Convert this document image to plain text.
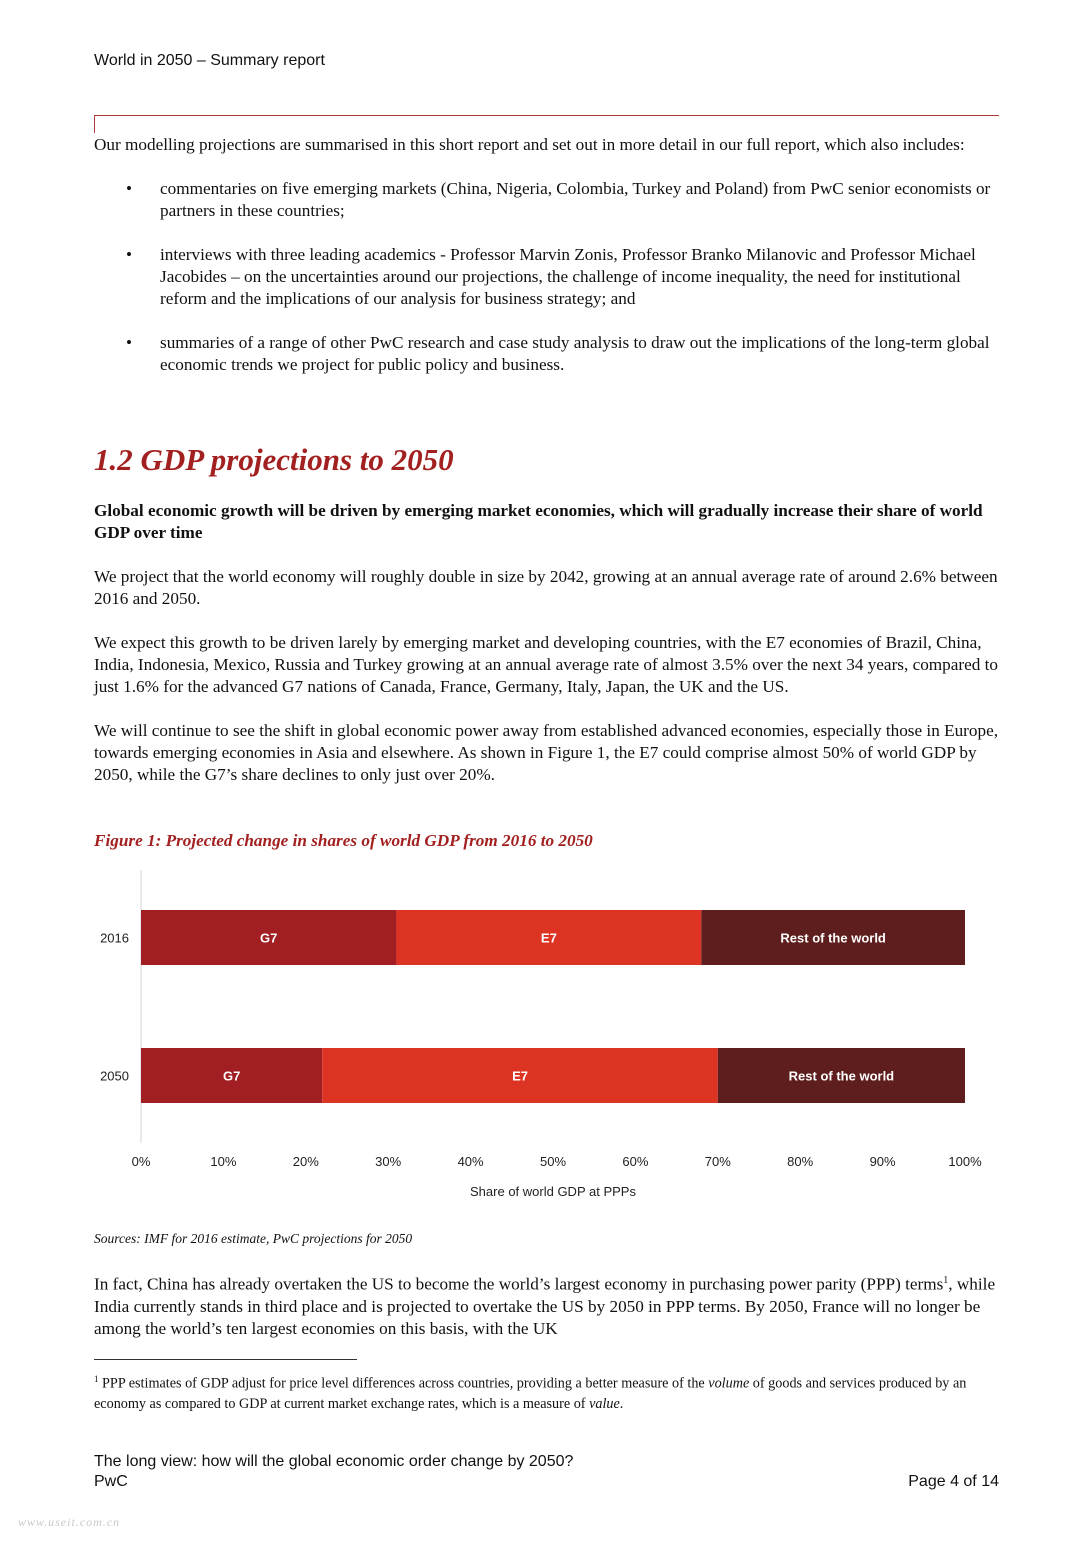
World in 2050 – Summary report

Our modelling projections are summarised in this short report and set out in more detail in our full report, which also includes:

• commentaries on five emerging markets (China, Nigeria, Colombia, Turkey and Poland) from PwC senior economists or partners in these countries;
• interviews with three leading academics - Professor Marvin Zonis, Professor Branko Milanovic and Professor Michael Jacobides – on the uncertainties around our projections, the challenge of income inequality, the need for institutional reform and the implications of our analysis for business strategy; and
• summaries of a range of other PwC research and case study analysis to draw out the implications of the long-term global economic trends we project for public policy and business.
1.2 GDP projections to 2050

Global economic growth will be driven by emerging market economies, which will gradually increase their share of world GDP over time

We project that the world economy will roughly double in size by 2042, growing at an annual average rate of around 2.6% between 2016 and 2050.

We expect this growth to be driven larely by emerging market and developing countries, with the E7 economies of Brazil, China, India, Indonesia, Mexico, Russia and Turkey growing at an annual average rate of almost 3.5% over the next 34 years, compared to just 1.6% for the advanced G7 nations of Canada, France, Germany, Italy, Japan, the UK and the US.

We will continue to see the shift in global economic power away from established advanced economies, especially those in Europe, towards emerging economies in Asia and elsewhere. As shown in Figure 1, the E7 could comprise almost 50% of world GDP by 2050, while the G7’s share declines to only just over 20%.

Figure 1: Projected change in shares of world GDP from 2016 to 2050
2016	G7	E7	Rest of the world
2050	G7	E7	Rest of the world
0%	10%	20%	30%	40%	50%	60%	70%	80%	90%	100%
Share of world GDP at PPPs
Sources: IMF for 2016 estimate, PwC projections for 2050

In fact, China has already overtaken the US to become the world’s largest economy in purchasing power parity (PPP) terms$^1$, while India currently stands in third place and is projected to overtake the US by 2050 in PPP terms. By 2050, France will no longer be among the world’s ten largest economies on this basis, with the UK

$^1$ PPP estimates of GDP adjust for price level differences across countries, providing a better measure of the volume of goods and services produced by an economy as compared to GDP at current market exchange rates, which is a measure of value.

The long view: how will the global economic order change by 2050?
PwC	Page 4 of 14
www.useit.com.cn
